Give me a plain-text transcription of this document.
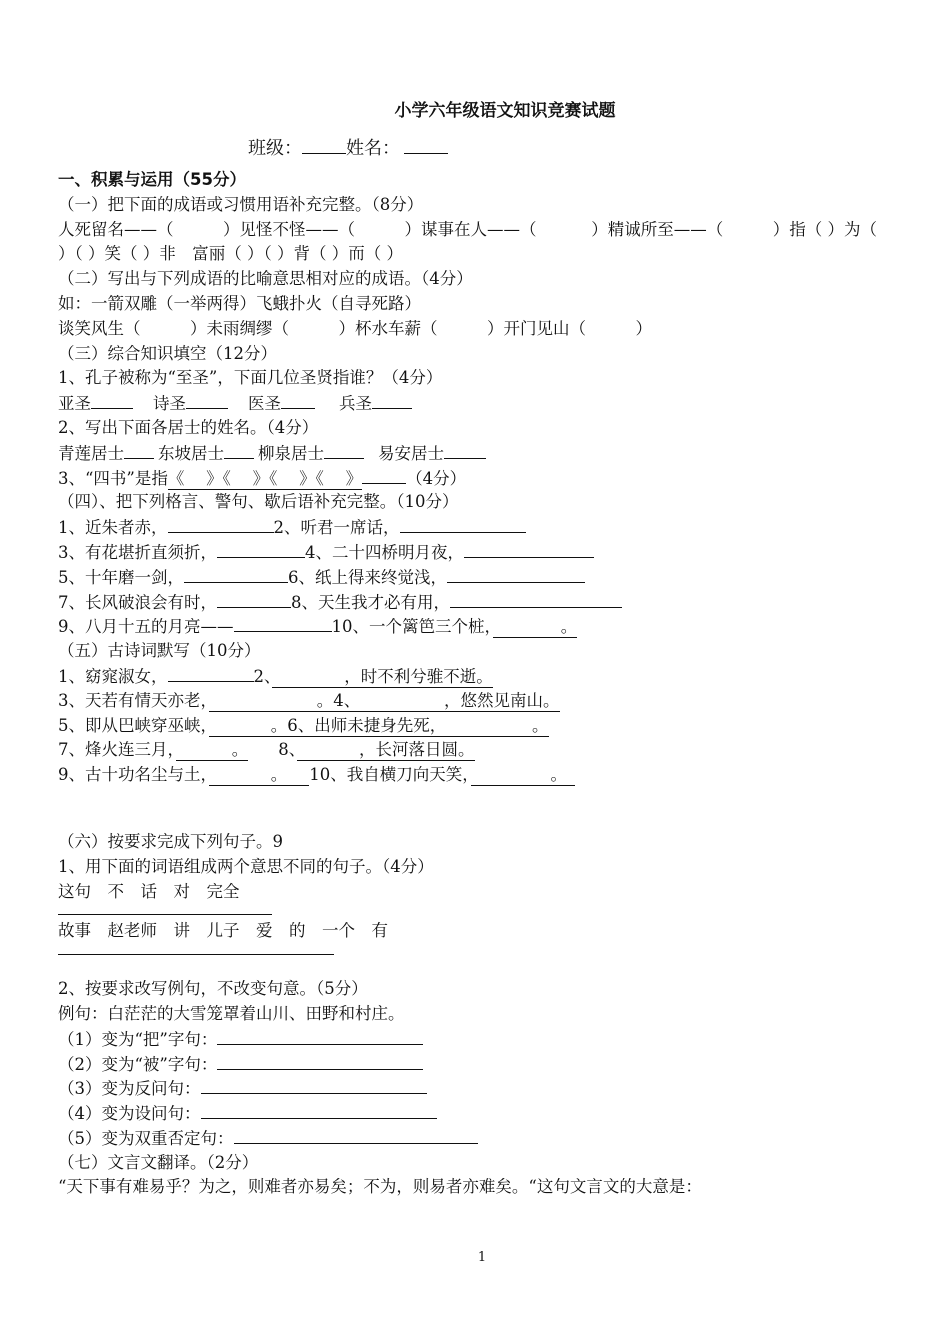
小学六年级语文知识竞赛试题
班级： 姓名：
一、积累与运用（55分）
（一）把下面的成语或习惯用语补充完整。（8分）
人死留名——（　　　）见怪不怪——（　　　）谋事在人——（　　　 ）精诚所至——（　　　）指（ ）为（
）（ ）笑（ ）非　富丽（ ）（ ）背（ ）而（ ）
（二）写出与下列成语的比喻意思相对应的成语。（4分）
如：一箭双雕（一举两得）飞蛾扑火（自寻死路）
谈笑风生（　　　）未雨绸缪（　　　）杯水车薪（　　　）开门见山（　　　）
（三）综合知识填空（12分）
1、孔子被称为“至圣”，下面几位圣贤指谁？（4分）
亚圣	诗圣	医圣	兵圣
2、写出下面各居士的姓名。（4分）
青莲居士 东坡居士 柳泉居士	易安居士
3、“四书”是指《　 》《　 》《　 》《　 》	（4分）
（四）、把下列格言、警句、歇后语补充完整。（10分）
1、近朱者赤，	2、听君一席话，
3、有花堪折直须折，	4、二十四桥明月夜，
5、十年磨一剑，	6、纸上得来终觉浅，
7、长风破浪会有时，	8、天生我才必有用，
9、八月十五的月亮——	10、一个篱笆三个桩，	。
（五）古诗词默写（10分）
1、窈窕淑女，	2、	，时不利兮骓不逝。
3、天若有情天亦老，	。4、	，悠然见南山。
5、即从巴峡穿巫峡，	。6、出师未捷身先死，	。
7、烽火连三月，	。 8、	，长河落日圆。
9、古十功名尘与土，	。 10、我自横刀向天笑，	。
（六）按要求完成下列句子。9
1、用下面的词语组成两个意思不同的句子。（4分）
这句　不　话　对　完全
故事　赵老师　讲　儿子　爱　的　一个　有
2、按要求改写例句，不改变句意。（5分）
例句：白茫茫的大雪笼罩着山川、田野和村庄。
（1）变为“把”字句：
（2）变为“被”字句：
（3）变为反问句：
（4）变为设问句：
（5）变为双重否定句：
（七）文言文翻译。（2分）
“天下事有难易乎？为之，则难者亦易矣；不为，则易者亦难矣。“这句文言文的大意是：
1
